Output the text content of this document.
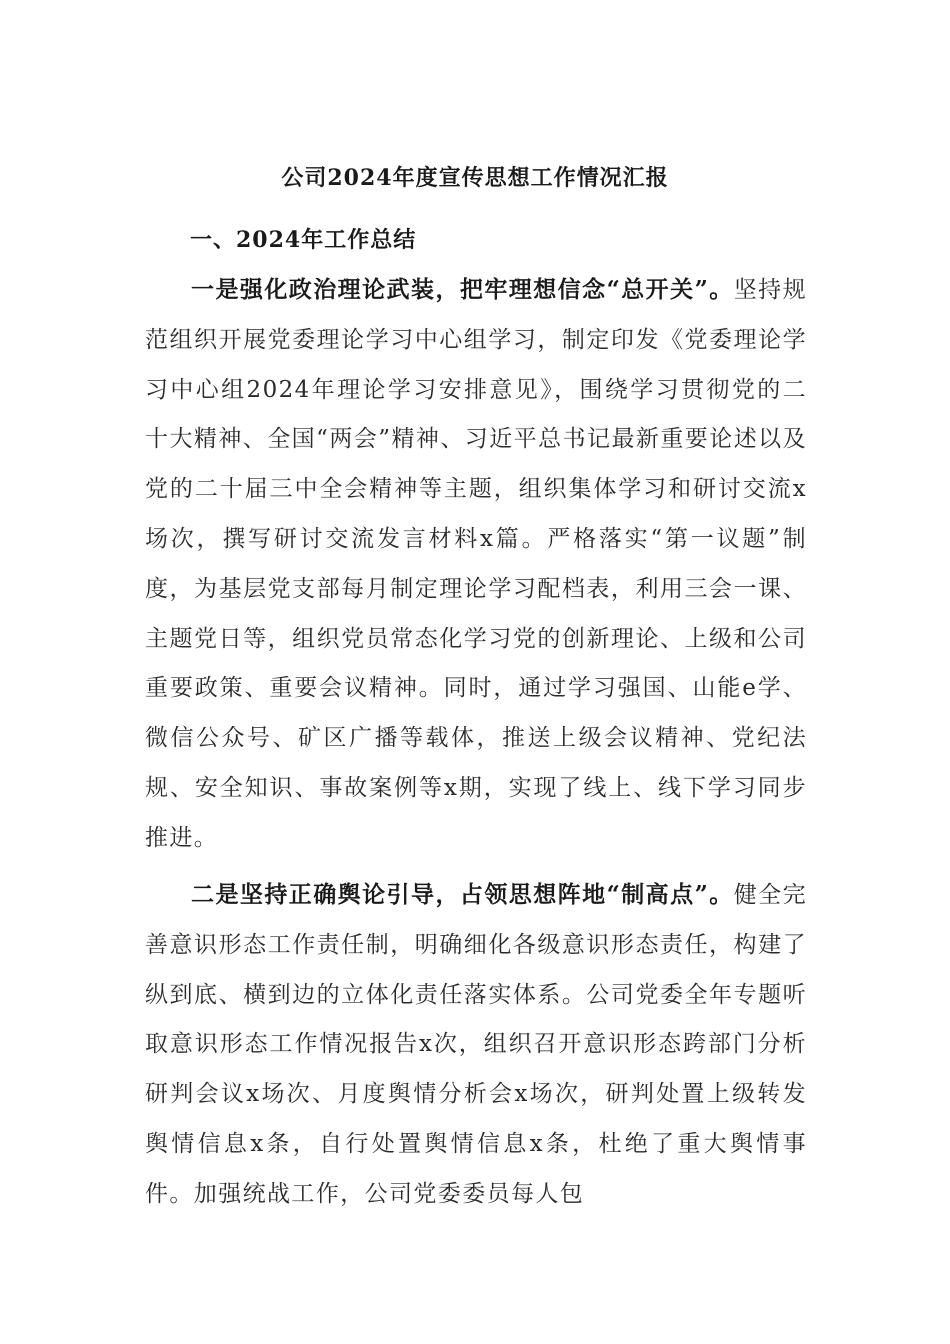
公司2024年度宣传思想工作情况汇报
一、2024年工作总结

一是强化政治理论武装，把牢理想信念“总开关”。坚持规范组织开展党委理论学习中心组学习，制定印发《党委理论学习中心组2024年理论学习安排意见》，围绕学习贯彻党的二十大精神、全国“两会”精神、习近平总书记最新重要论述以及党的二十届三中全会精神等主题，组织集体学习和研讨交流x场次，撰写研讨交流发言材料x篇。严格落实“第一议题”制度，为基层党支部每月制定理论学习配档表，利用三会一课、主题党日等，组织党员常态化学习党的创新理论、上级和公司重要政策、重要会议精神。同时，通过学习强国、山能e学、微信公众号、矿区广播等载体，推送上级会议精神、党纪法规、安全知识、事故案例等x期，实现了线上、线下学习同步推进。

二是坚持正确舆论引导，占领思想阵地“制高点”。健全完善意识形态工作责任制，明确细化各级意识形态责任，构建了纵到底、横到边的立体化责任落实体系。公司党委全年专题听取意识形态工作情况报告x次，组织召开意识形态跨部门分析研判会议x场次、月度舆情分析会x场次，研判处置上级转发舆情信息x条，自行处置舆情信息x条，杜绝了重大舆情事件。加强统战工作，公司党委委员每人包
